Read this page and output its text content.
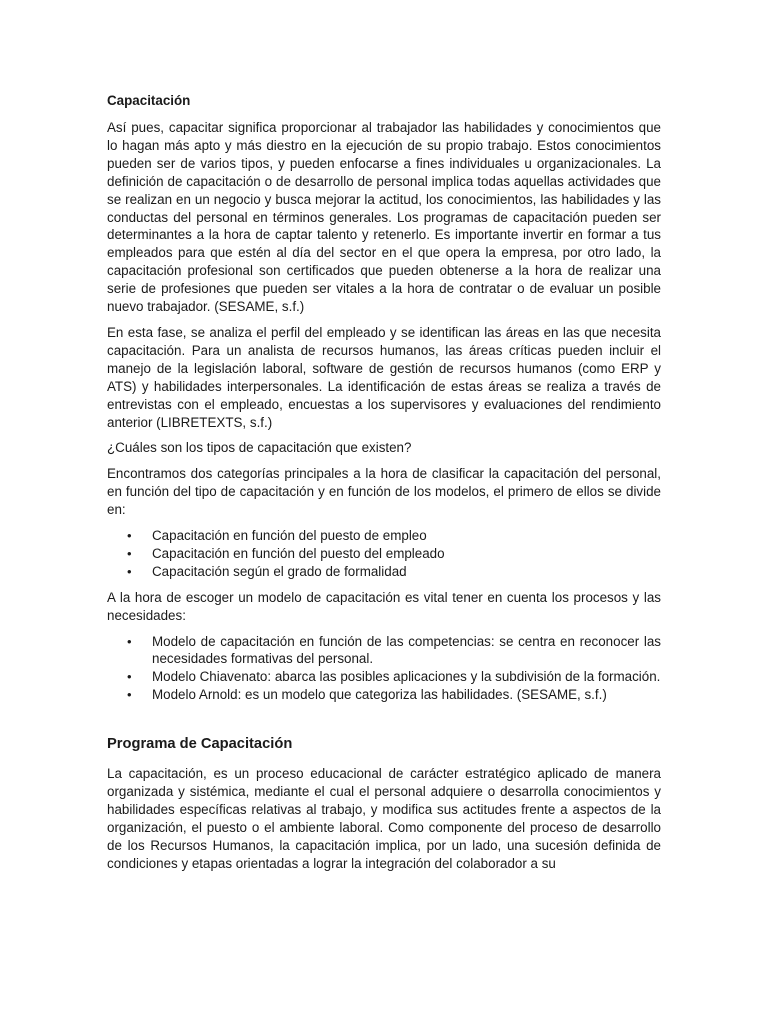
Capacitación

Así pues, capacitar significa proporcionar al trabajador las habilidades y conocimientos que lo hagan más apto y más diestro en la ejecución de su propio trabajo. Estos conocimientos pueden ser de varios tipos, y pueden enfocarse a fines individuales u organizacionales. La definición de capacitación o de desarrollo de personal implica todas aquellas actividades que se realizan en un negocio y busca mejorar la actitud, los conocimientos, las habilidades y las conductas del personal en términos generales. Los programas de capacitación pueden ser determinantes a la hora de captar talento y retenerlo. Es importante invertir en formar a tus empleados para que estén al día del sector en el que opera la empresa, por otro lado, la capacitación profesional son certificados que pueden obtenerse a la hora de realizar una serie de profesiones que pueden ser vitales a la hora de contratar o de evaluar un posible nuevo trabajador. (SESAME, s.f.)

En esta fase, se analiza el perfil del empleado y se identifican las áreas en las que necesita capacitación. Para un analista de recursos humanos, las áreas críticas pueden incluir el manejo de la legislación laboral, software de gestión de recursos humanos (como ERP y ATS) y habilidades interpersonales. La identificación de estas áreas se realiza a través de entrevistas con el empleado, encuestas a los supervisores y evaluaciones del rendimiento anterior (LIBRETEXTS, s.f.)

¿Cuáles son los tipos de capacitación que existen?

Encontramos dos categorías principales a la hora de clasificar la capacitación del personal, en función del tipo de capacitación y en función de los modelos, el primero de ellos se divide en:

• Capacitación en función del puesto de empleo
• Capacitación en función del puesto del empleado
• Capacitación según el grado de formalidad

A la hora de escoger un modelo de capacitación es vital tener en cuenta los procesos y las necesidades:

• Modelo de capacitación en función de las competencias: se centra en reconocer las necesidades formativas del personal.
• Modelo Chiavenato: abarca las posibles aplicaciones y la subdivisión de la formación.
• Modelo Arnold: es un modelo que categoriza las habilidades. (SESAME, s.f.)
Programa de Capacitación

La capacitación, es un proceso educacional de carácter estratégico aplicado de manera organizada y sistémica, mediante el cual el personal adquiere o desarrolla conocimientos y habilidades específicas relativas al trabajo, y modifica sus actitudes frente a aspectos de la organización, el puesto o el ambiente laboral. Como componente del proceso de desarrollo de los Recursos Humanos, la capacitación implica, por un lado, una sucesión definida de condiciones y etapas orientadas a lograr la integración del colaborador a su
